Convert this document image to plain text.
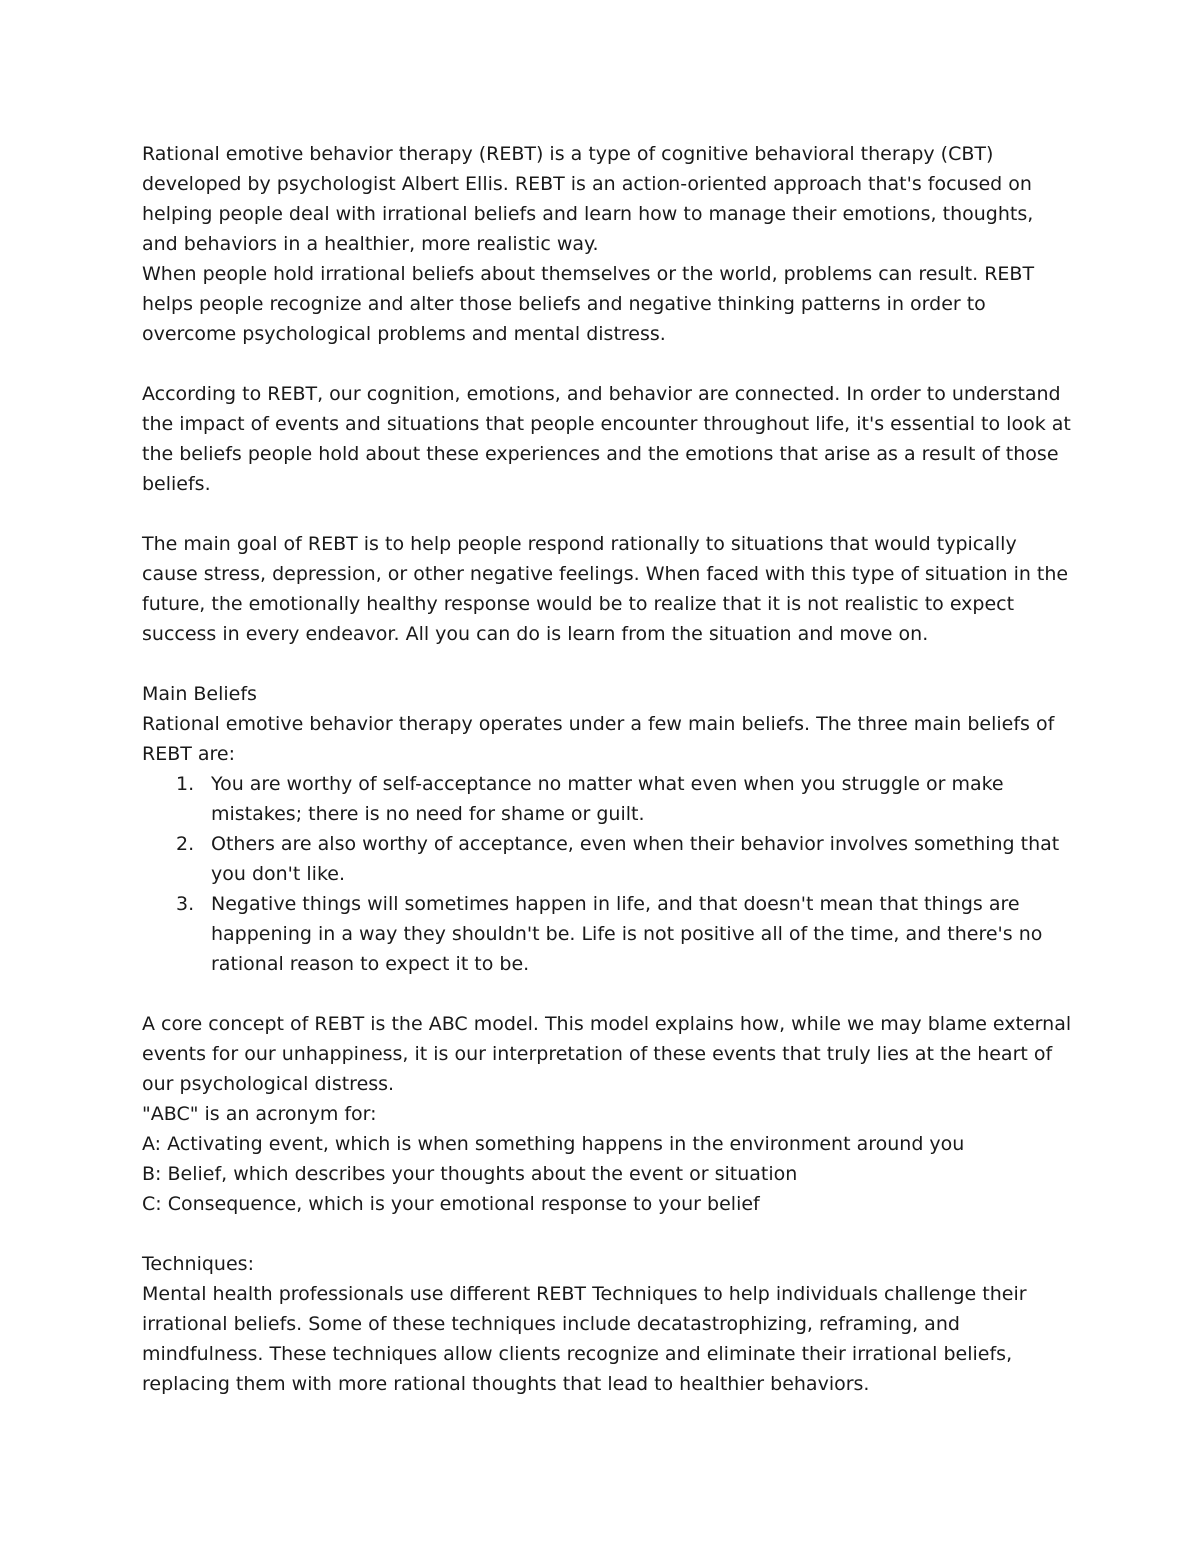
Rational emotive behavior therapy (REBT) is a type of cognitive behavioral therapy (CBT) developed by psychologist Albert Ellis. REBT is an action-oriented approach that's focused on helping people deal with irrational beliefs and learn how to manage their emotions, thoughts, and behaviors in a healthier, more realistic way.

When people hold irrational beliefs about themselves or the world, problems can result. REBT helps people recognize and alter those beliefs and negative thinking patterns in order to overcome psychological problems and mental distress.

According to REBT, our cognition, emotions, and behavior are connected. In order to understand the impact of events and situations that people encounter throughout life, it's essential to look at the beliefs people hold about these experiences and the emotions that arise as a result of those beliefs.

The main goal of REBT is to help people respond rationally to situations that would typically cause stress, depression, or other negative feelings. When faced with this type of situation in the future, the emotionally healthy response would be to realize that it is not realistic to expect success in every endeavor. All you can do is learn from the situation and move on.

Main Beliefs

Rational emotive behavior therapy operates under a few main beliefs. The three main beliefs of REBT are:

1. You are worthy of self-acceptance no matter what even when you struggle or make mistakes; there is no need for shame or guilt.
2. Others are also worthy of acceptance, even when their behavior involves something that you don't like.
3. Negative things will sometimes happen in life, and that doesn't mean that things are happening in a way they shouldn't be. Life is not positive all of the time, and there's no rational reason to expect it to be.

A core concept of REBT is the ABC model. This model explains how, while we may blame external events for our unhappiness, it is our interpretation of these events that truly lies at the heart of our psychological distress.

"ABC" is an acronym for:

A: Activating event, which is when something happens in the environment around you

B: Belief, which describes your thoughts about the event or situation

C: Consequence, which is your emotional response to your belief

Techniques:

Mental health professionals use different REBT Techniques to help individuals challenge their irrational beliefs. Some of these techniques include decatastrophizing, reframing, and mindfulness. These techniques allow clients recognize and eliminate their irrational beliefs, replacing them with more rational thoughts that lead to healthier behaviors.
